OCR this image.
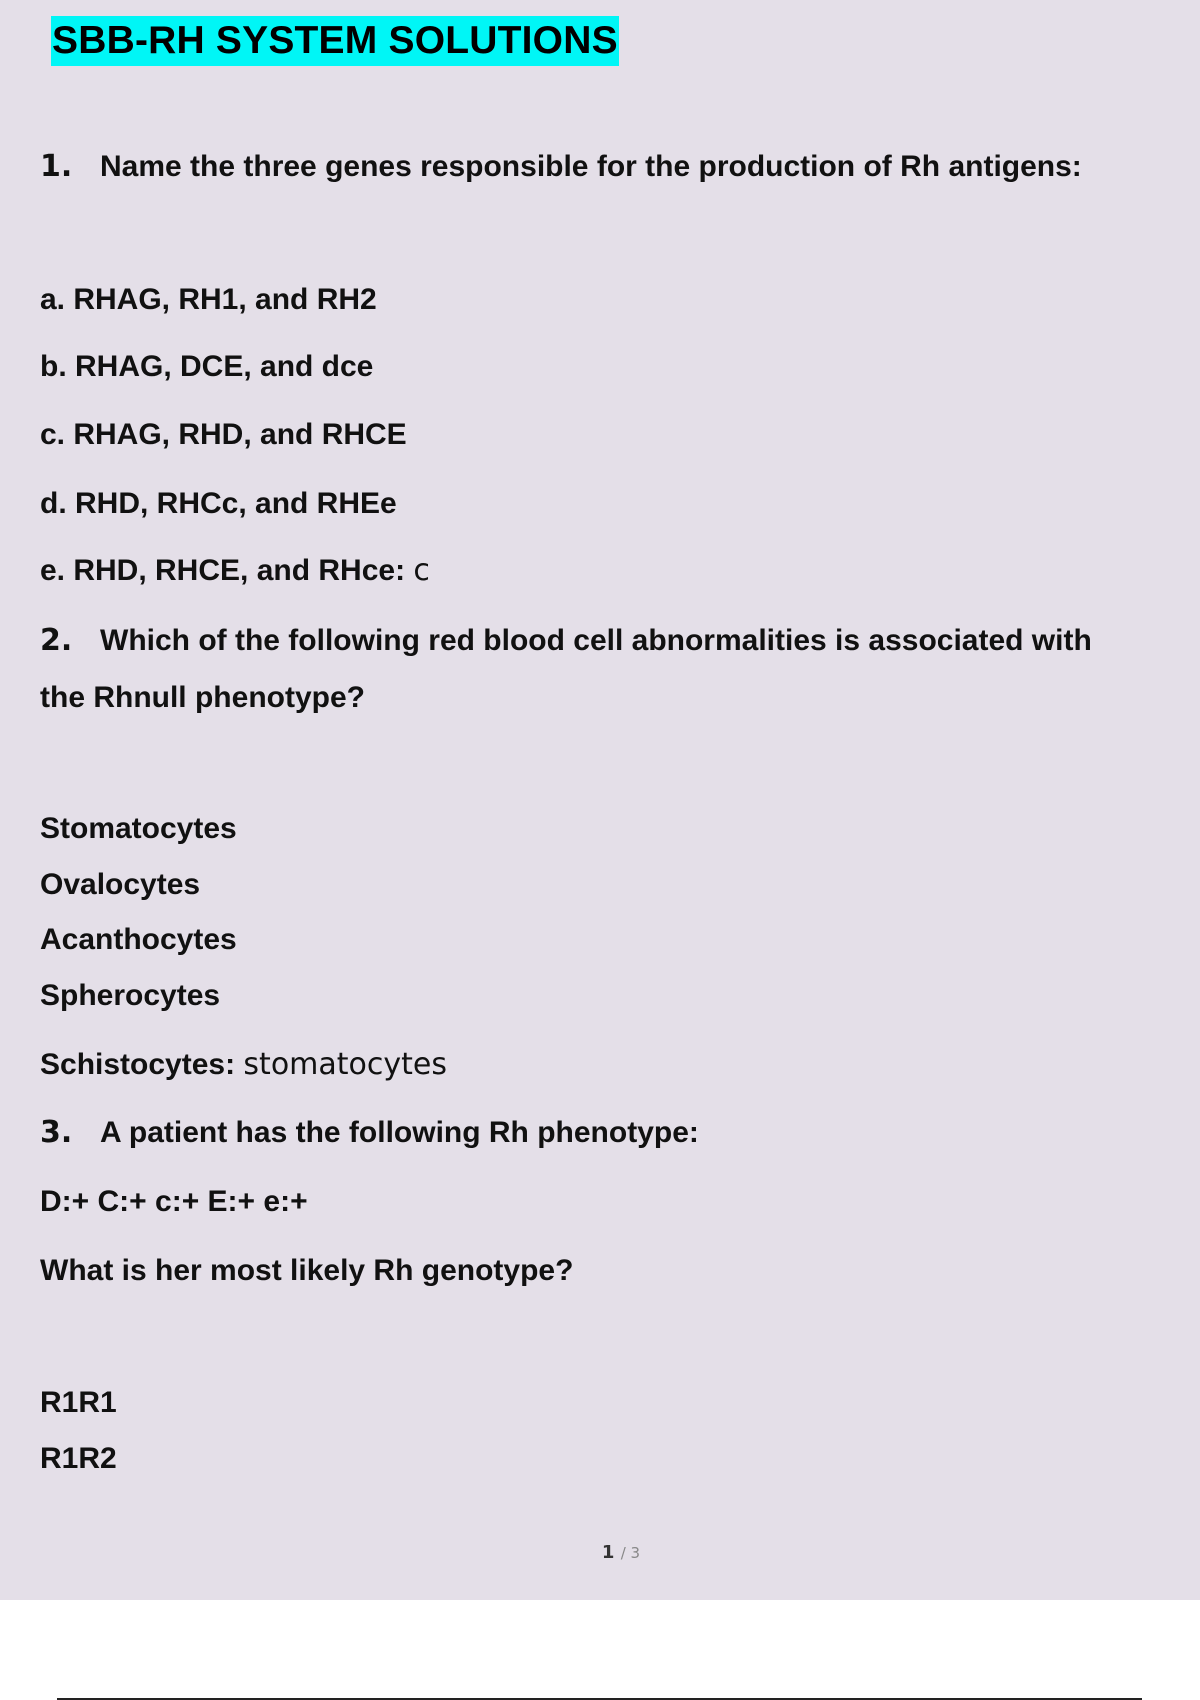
SBB-RH SYSTEM SOLUTIONS
1. Name the three genes responsible for the production of Rh antigens:
a. RHAG, RH1, and RH2
b. RHAG, DCE, and dce
c. RHAG, RHD, and RHCE
d. RHD, RHCc, and RHEe
e. RHD, RHCE, and RHce: c
2. Which of the following red blood cell abnormalities is associated with
the Rhnull phenotype?
Stomatocytes
Ovalocytes
Acanthocytes
Spherocytes
Schistocytes: stomatocytes
3. A patient has the following Rh phenotype:
D:+ C:+ c:+ E:+ e:+
What is her most likely Rh genotype?
R1R1
R1R2
1 / 3
